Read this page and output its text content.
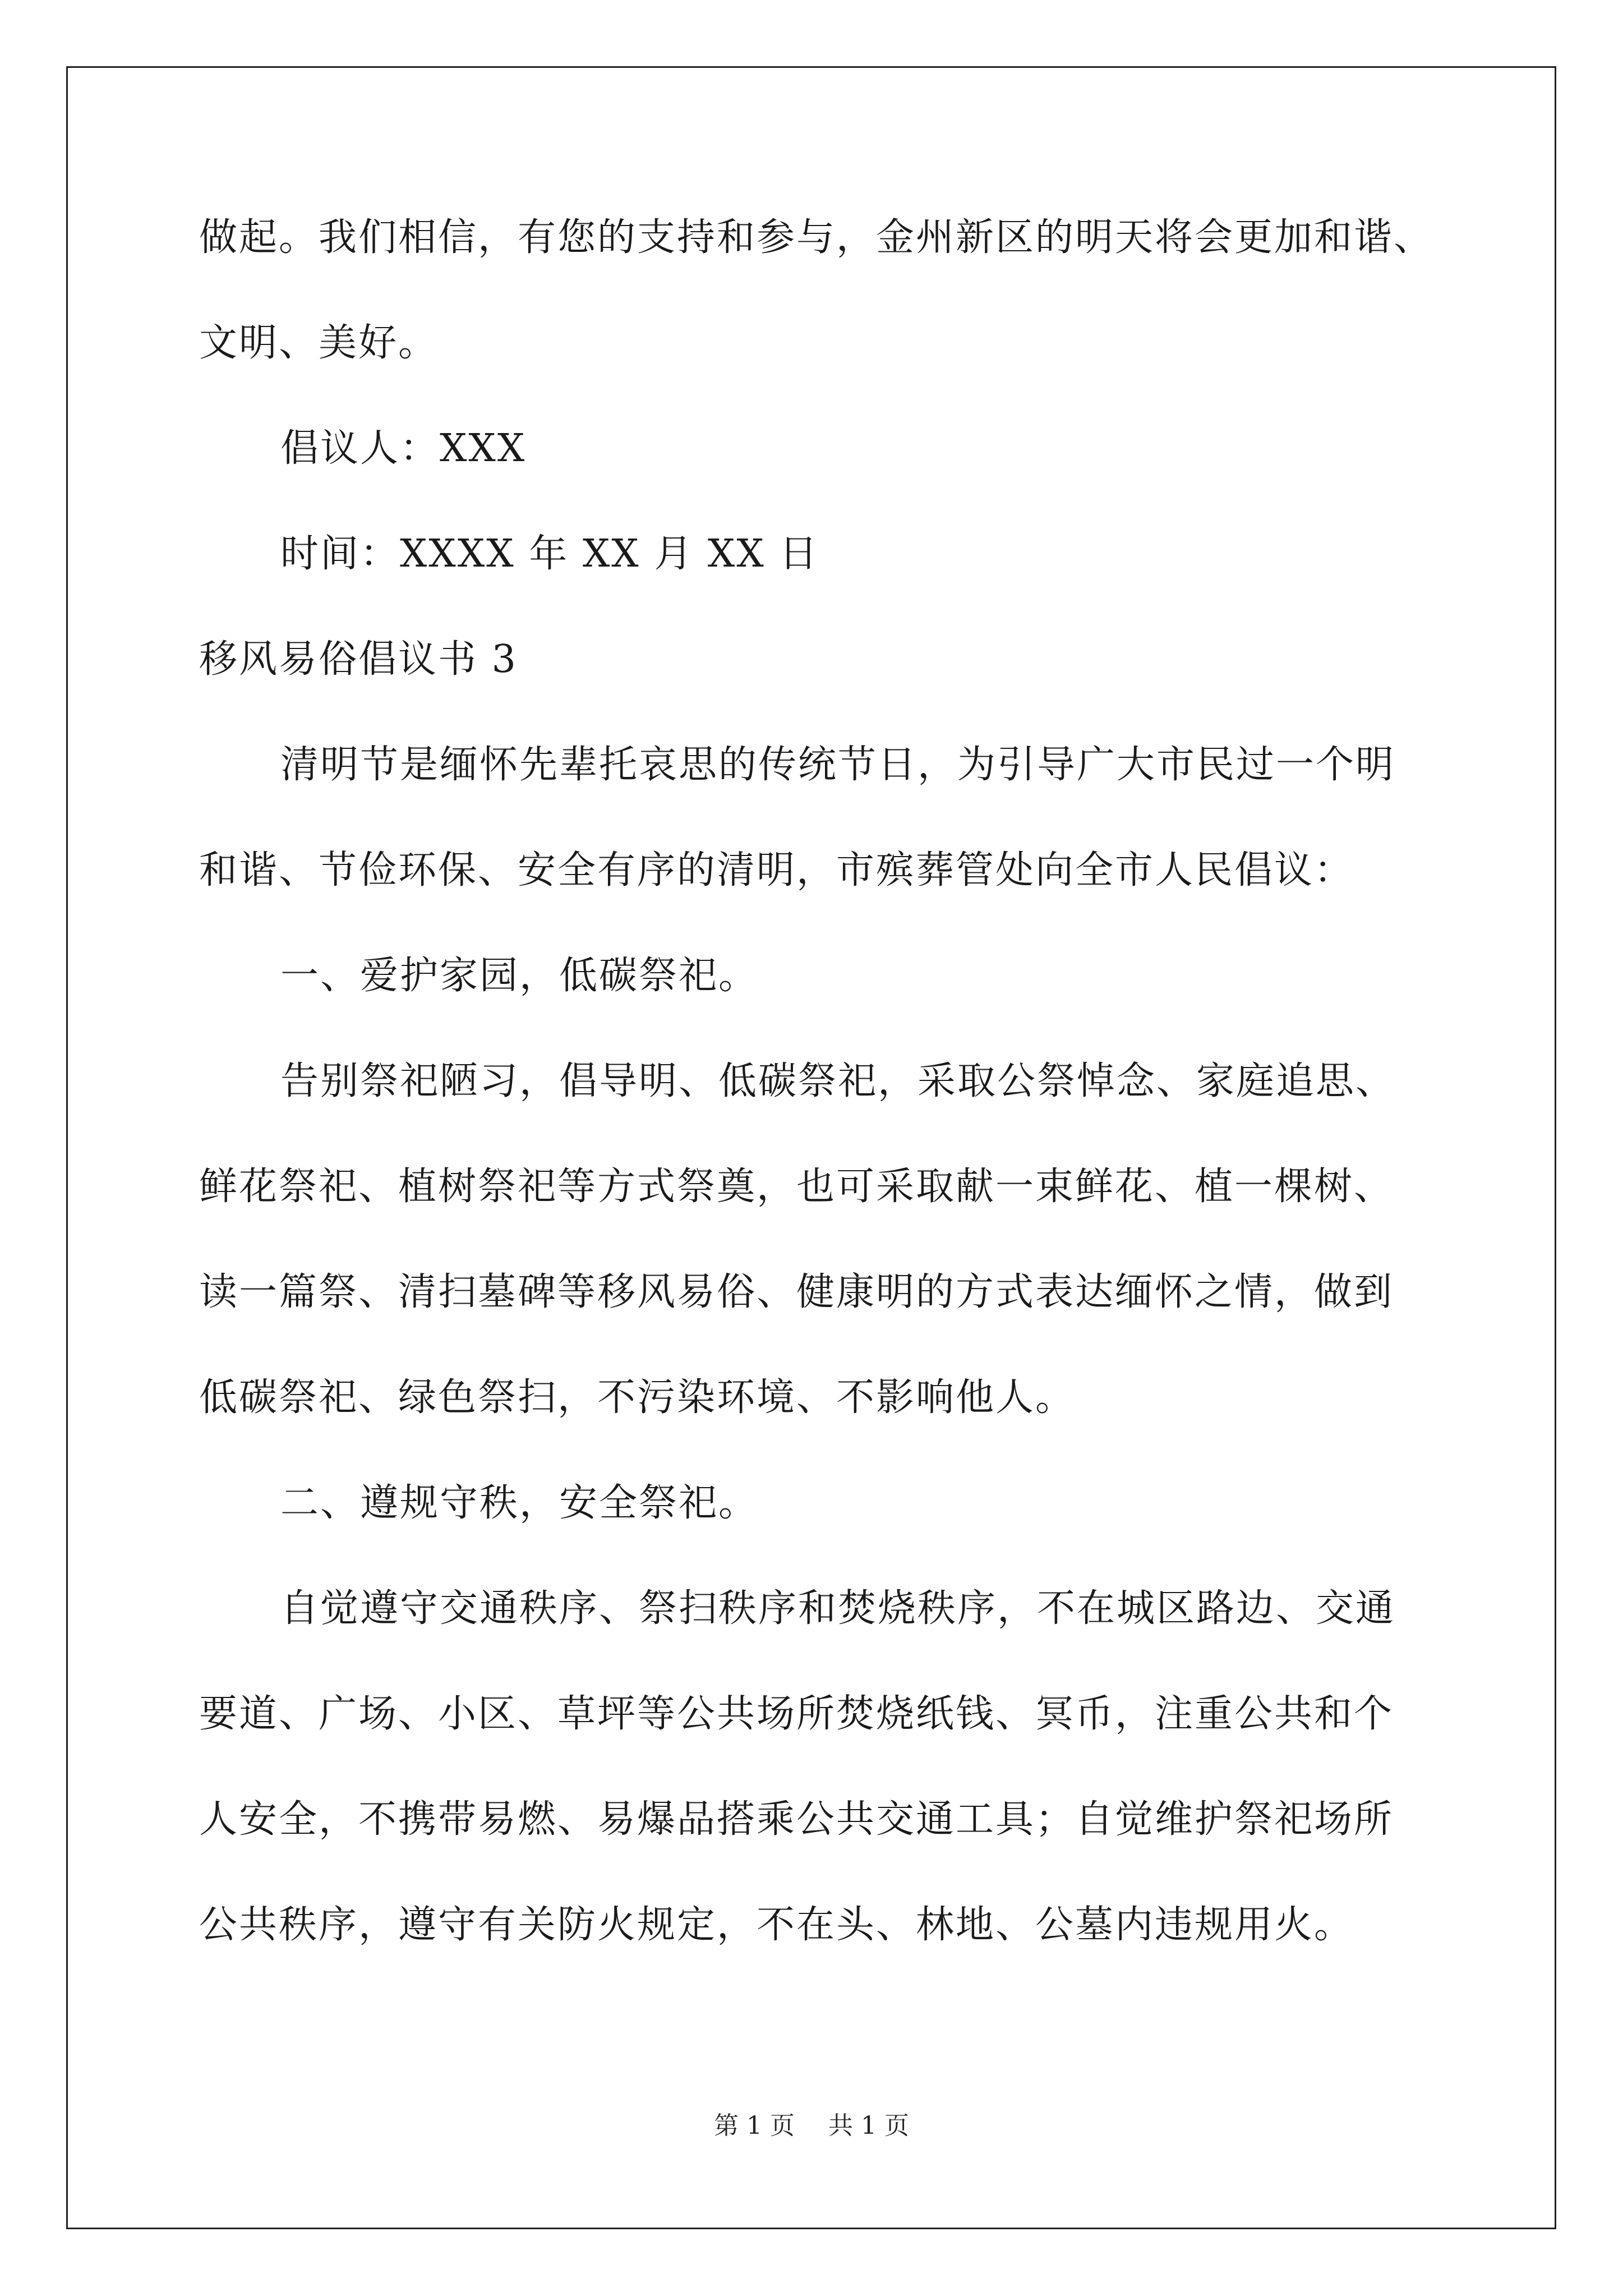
做起。我们相信，有您的支持和参与，金州新区的明天将会更加和谐、
文明、美好。
倡议人：XXX
时间：XXXX 年 XX 月 XX 日
移风易俗倡议书 3
清明节是缅怀先辈托哀思的传统节日，为引导广大市民过一个明
和谐、节俭环保、安全有序的清明，市殡葬管处向全市人民倡议：
一、爱护家园，低碳祭祀。
告别祭祀陋习，倡导明、低碳祭祀，采取公祭悼念、家庭追思、
鲜花祭祀、植树祭祀等方式祭奠，也可采取献一束鲜花、植一棵树、
读一篇祭、清扫墓碑等移风易俗、健康明的方式表达缅怀之情，做到
低碳祭祀、绿色祭扫，不污染环境、不影响他人。
二、遵规守秩，安全祭祀。
自觉遵守交通秩序、祭扫秩序和焚烧秩序，不在城区路边、交通
要道、广场、小区、草坪等公共场所焚烧纸钱、冥币，注重公共和个
人安全，不携带易燃、易爆品搭乘公共交通工具；自觉维护祭祀场所
公共秩序，遵守有关防火规定，不在头、林地、公墓内违规用火。
第 1 页 共 1 页
